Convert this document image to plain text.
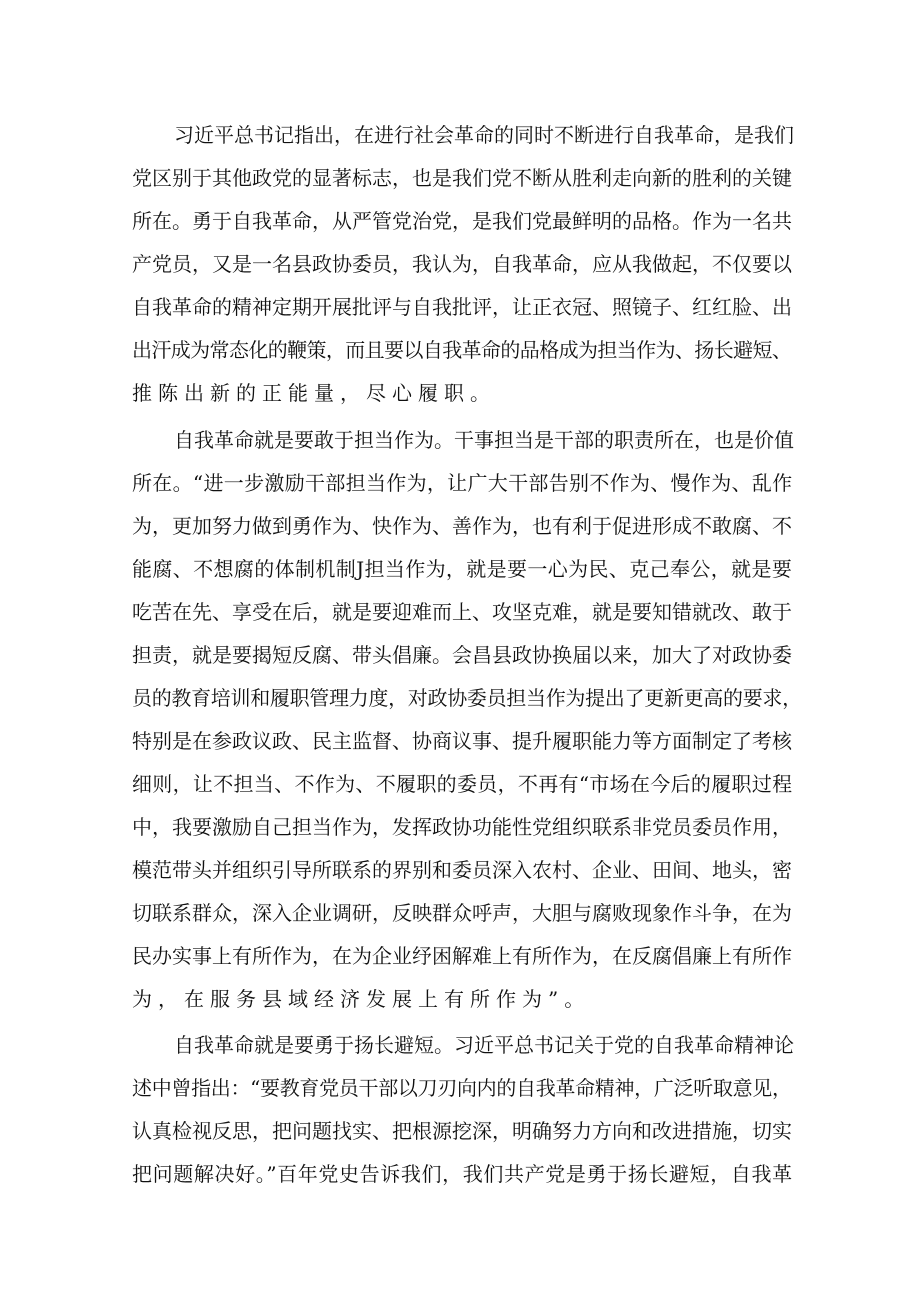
习近平总书记指出，在进行社会革命的同时不断进行自我革命，是我们

党区别于其他政党的显著标志，也是我们党不断从胜利走向新的胜利的关键

所在。勇于自我革命，从严管党治党，是我们党最鲜明的品格。作为一名共

产党员，又是一名县政协委员，我认为，自我革命，应从我做起，不仅要以

自我革命的精神定期开展批评与自我批评，让正衣冠、照镜子、红红脸、出

出汗成为常态化的鞭策，而且要以自我革命的品格成为担当作为、扬长避短、

推陈出新的正能量，尽心履职。

自我革命就是要敢于担当作为。干事担当是干部的职责所在，也是价值

所在。“进一步激励干部担当作为，让广大干部告别不作为、慢作为、乱作

为，更加努力做到勇作为、快作为、善作为，也有利于促进形成不敢腐、不

能腐、不想腐的体制机制J担当作为，就是要一心为民、克己奉公，就是要

吃苦在先、享受在后，就是要迎难而上、攻坚克难，就是要知错就改、敢于

担责，就是要揭短反腐、带头倡廉。会昌县政协换届以来，加大了对政协委

员的教育培训和履职管理力度，对政协委员担当作为提出了更新更高的要求，

特别是在参政议政、民主监督、协商议事、提升履职能力等方面制定了考核

细则，让不担当、不作为、不履职的委员，不再有“市场在今后的履职过程

中，我要激励自己担当作为，发挥政协功能性党组织联系非党员委员作用，

模范带头并组织引导所联系的界别和委员深入农村、企业、田间、地头，密

切联系群众，深入企业调研，反映群众呼声，大胆与腐败现象作斗争，在为

民办实事上有所作为，在为企业纾困解难上有所作为，在反腐倡廉上有所作

为，在服务县域经济发展上有所作为”。

自我革命就是要勇于扬长避短。习近平总书记关于党的自我革命精神论

述中曾指出：“要教育党员干部以刀刃向内的自我革命精神，广泛听取意见，

认真检视反思，把问题找实、把根源挖深，明确努力方向和改进措施，切实

把问题解决好。”百年党史告诉我们，我们共产党是勇于扬长避短，自我革
